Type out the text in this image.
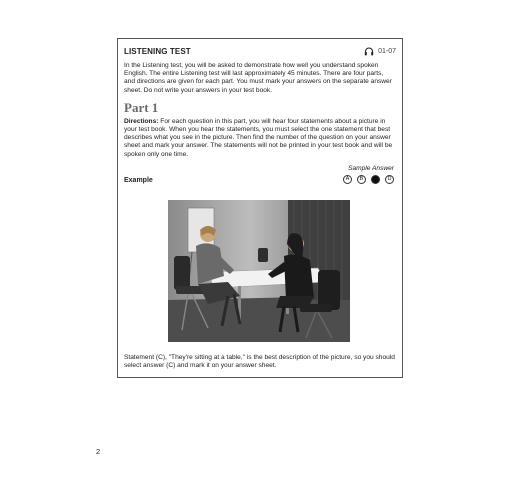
LISTENING TEST	01-07

In the Listening test, you will be asked to demonstrate how well you understand spoken English. The entire Listening test will last approximately 45 minutes. There are four parts, and directions are given for each part. You must mark your answers on the separate answer sheet. Do not write your answers in your test book.

Part 1

Directions: For each question in this part, you will hear four statements about a picture in your test book. When you hear the statements, you must select the one statement that best describes what you see in the picture. Then find the number of the question on your answer sheet and mark your answer. The statements will not be printed in your test book and will be spoken only one time.

Example
Sample Answer
A	B	C	D

Statement (C), "They're sitting at a table," is the best description of the picture, so you should select answer (C) and mark it on your answer sheet.

2
